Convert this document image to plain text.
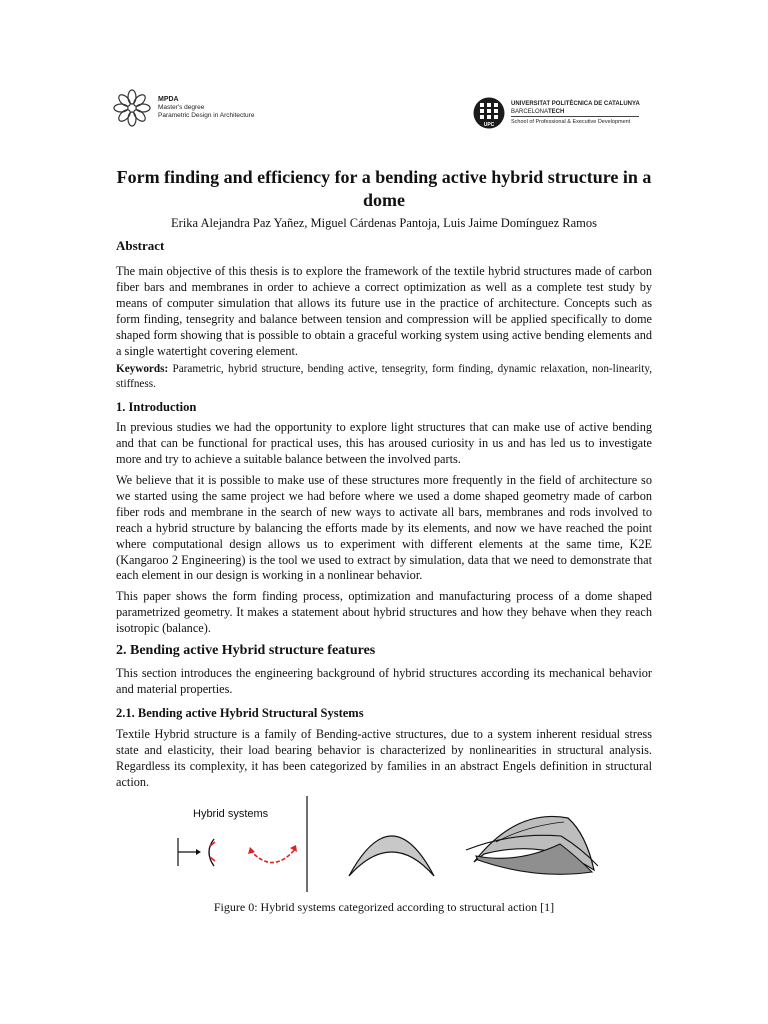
MPDA
Master's degree
Parametric Design in Architecture
UPC
UNIVERSITAT POLITÈCNICA DE CATALUNYA
BARCELONATECH
School of Professional & Executive Development
Form finding and efficiency for a bending active hybrid structure in a dome
Erika Alejandra Paz Yañez, Miguel Cárdenas Pantoja, Luis Jaime Domínguez Ramos
Abstract
The main objective of this thesis is to explore the framework of the textile hybrid structures made of carbon fiber bars and membranes in order to achieve a correct optimization as well as a complete test study by means of computer simulation that allows its future use in the practice of architecture. Concepts such as form finding, tensegrity and balance between tension and compression will be applied specifically to dome shaped form showing that is possible to obtain a graceful working system using active bending elements and a single watertight covering element.
Keywords: Parametric, hybrid structure, bending active, tensegrity, form finding, dynamic relaxation, non-linearity, stiffness.
1. Introduction
In previous studies we had the opportunity to explore light structures that can make use of active bending and that can be functional for practical uses, this has aroused curiosity in us and has led us to investigate more and try to achieve a suitable balance between the involved parts.
We believe that it is possible to make use of these structures more frequently in the field of architecture so we started using the same project we had before where we used a dome shaped geometry made of carbon fiber rods and membrane in the search of new ways to activate all bars, membranes and rods involved to reach a hybrid structure by balancing the efforts made by its elements, and now we have reached the point where computational design allows us to experiment with different elements at the same time, K2E (Kangaroo 2 Engineering) is the tool we used to extract by simulation, data that we need to demonstrate that each element in our design is working in a nonlinear behavior.
This paper shows the form finding process, optimization and manufacturing process of a dome shaped parametrized geometry. It makes a statement about hybrid structures and how they behave when they reach isotropic (balance).
2. Bending active Hybrid structure features
This section introduces the engineering background of hybrid structures according its mechanical behavior and material properties.
2.1. Bending active Hybrid Structural Systems
Textile Hybrid structure is a family of Bending-active structures, due to a system inherent residual stress state and elasticity, their load bearing behavior is characterized by nonlinearities in structural analysis. Regardless its complexity, it has been categorized by families in an abstract Engels definition in structural action.
Hybrid systems
Figure 0: Hybrid systems categorized according to structural action [1]
